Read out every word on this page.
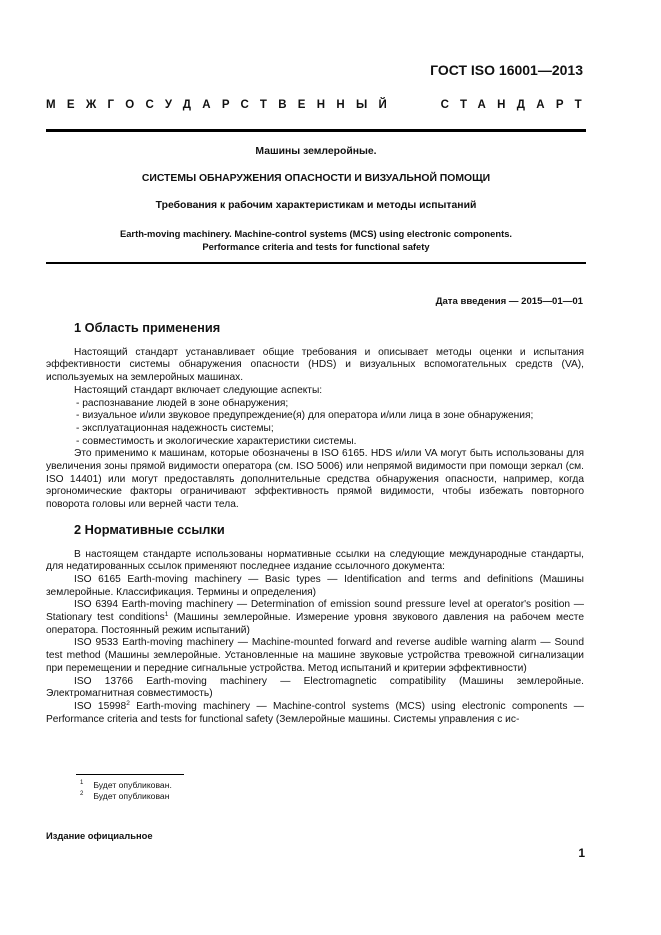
ГОСТ ISO 16001—2013
МЕЖГОСУДАРСТВЕННЫЙ	СТАНДАРТ

Машины землеройные.

СИСТЕМЫ ОБНАРУЖЕНИЯ ОПАСНОСТИ И ВИЗУАЛЬНОЙ ПОМОЩИ

Требования к рабочим характеристикам и методы испытаний

Earth-moving machinery. Machine-control systems (MCS) using electronic components.
Performance criteria and tests for functional safety

Дата введения — 2015—01—01
1 Область применения

Настоящий стандарт устанавливает общие требования и описывает методы оценки и испытания эффективности системы обнаружения опасности (HDS) и визуальных вспомогательных средств (VA), используемых на землеройных машинах.

Настоящий стандарт включает следующие аспекты:

- распознавание людей в зоне обнаружения;

- визуальное и/или звуковое предупреждение(я) для оператора и/или лица в зоне обнаружения;

- эксплуатационная надежность системы;

- совместимость и экологические характеристики системы.

Это применимо к машинам, которые обозначены в ISO 6165. HDS и/или VA могут быть использованы для увеличения зоны прямой видимости оператора (см. ISO 5006) или непрямой видимости при помощи зеркал (см. ISO 14401) или могут предоставлять дополнительные средства обнаружения опасности, например, когда эргономические факторы ограничивают эффективность прямой видимости, чтобы избежать повторного поворота головы или верней части тела.

2 Нормативные ссылки

В настоящем стандарте использованы нормативные ссылки на следующие международные стандарты, для недатированных ссылок применяют последнее издание ссылочного документа:

ISO 6165 Earth-moving machinery — Basic types — Identification and terms and definitions (Машины землеройные. Классификация. Термины и определения)

ISO 6394 Earth-moving machinery — Determination of emission sound pressure level at operator's position — Stationary test conditions$^1$ (Машины землеройные. Измерение уровня звукового давления на рабочем месте оператора. Постоянный режим испытаний)

ISO 9533 Earth-moving machinery — Machine-mounted forward and reverse audible warning alarm — Sound test method (Машины землеройные. Установленные на машине звуковые устройства тревожной сигнализации при перемещении и передние сигнальные устройства. Метод испытаний и критерии эффективности)

ISO 13766 Earth-moving machinery — Electromagnetic compatibility (Машины землеройные. Электромагнитная совместимость)

ISO 15998$^2$ Earth-moving machinery — Machine-control systems (MCS) using electronic components — Performance criteria and tests for functional safety (Землеройные машины. Системы управления с ис-

$^1$ Будет опубликован.
$^2$ Будет опубликован
Издание официальное
1
